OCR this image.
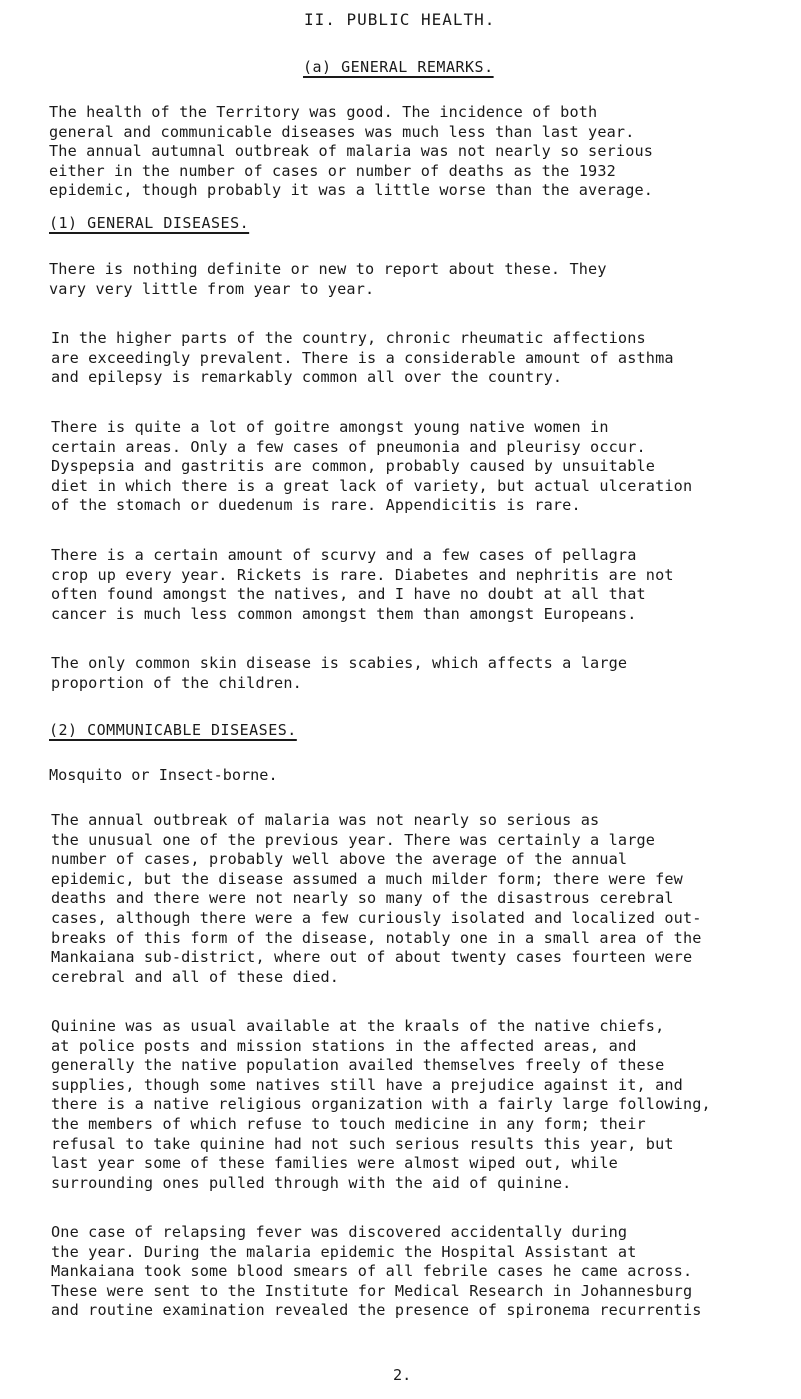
II. PUBLIC HEALTH.
(a) GENERAL REMARKS.
The health of the Territory was good. The incidence of both
general and communicable diseases was much less than last year.
The annual autumnal outbreak of malaria was not nearly so serious
either in the number of cases or number of deaths as the 1932
epidemic, though probably it was a little worse than the average.
(1) GENERAL DISEASES.
There is nothing definite or new to report about these. They
vary very little from year to year.
In the higher parts of the country, chronic rheumatic affections
are exceedingly prevalent. There is a considerable amount of asthma
and epilepsy is remarkably common all over the country.
There is quite a lot of goitre amongst young native women in
certain areas. Only a few cases of pneumonia and pleurisy occur.
Dyspepsia and gastritis are common, probably caused by unsuitable
diet in which there is a great lack of variety, but actual ulceration
of the stomach or duedenum is rare. Appendicitis is rare.
There is a certain amount of scurvy and a few cases of pellagra
crop up every year. Rickets is rare. Diabetes and nephritis are not
often found amongst the natives, and I have no doubt at all that
cancer is much less common amongst them than amongst Europeans.
The only common skin disease is scabies, which affects a large
proportion of the children.
(2) COMMUNICABLE DISEASES.
Mosquito or Insect-borne.
The annual outbreak of malaria was not nearly so serious as
the unusual one of the previous year. There was certainly a large
number of cases, probably well above the average of the annual
epidemic, but the disease assumed a much milder form; there were few
deaths and there were not nearly so many of the disastrous cerebral
cases, although there were a few curiously isolated and localized out-
breaks of this form of the disease, notably one in a small area of the
Mankaiana sub-district, where out of about twenty cases fourteen were
cerebral and all of these died.
Quinine was as usual available at the kraals of the native chiefs,
at police posts and mission stations in the affected areas, and
generally the native population availed themselves freely of these
supplies, though some natives still have a prejudice against it, and
there is a native religious organization with a fairly large following,
the members of which refuse to touch medicine in any form; their
refusal to take quinine had not such serious results this year, but
last year some of these families were almost wiped out, while
surrounding ones pulled through with the aid of quinine.
One case of relapsing fever was discovered accidentally during
the year. During the malaria epidemic the Hospital Assistant at
Mankaiana took some blood smears of all febrile cases he came across.
These were sent to the Institute for Medical Research in Johannesburg
and routine examination revealed the presence of spironema recurrentis
2.
